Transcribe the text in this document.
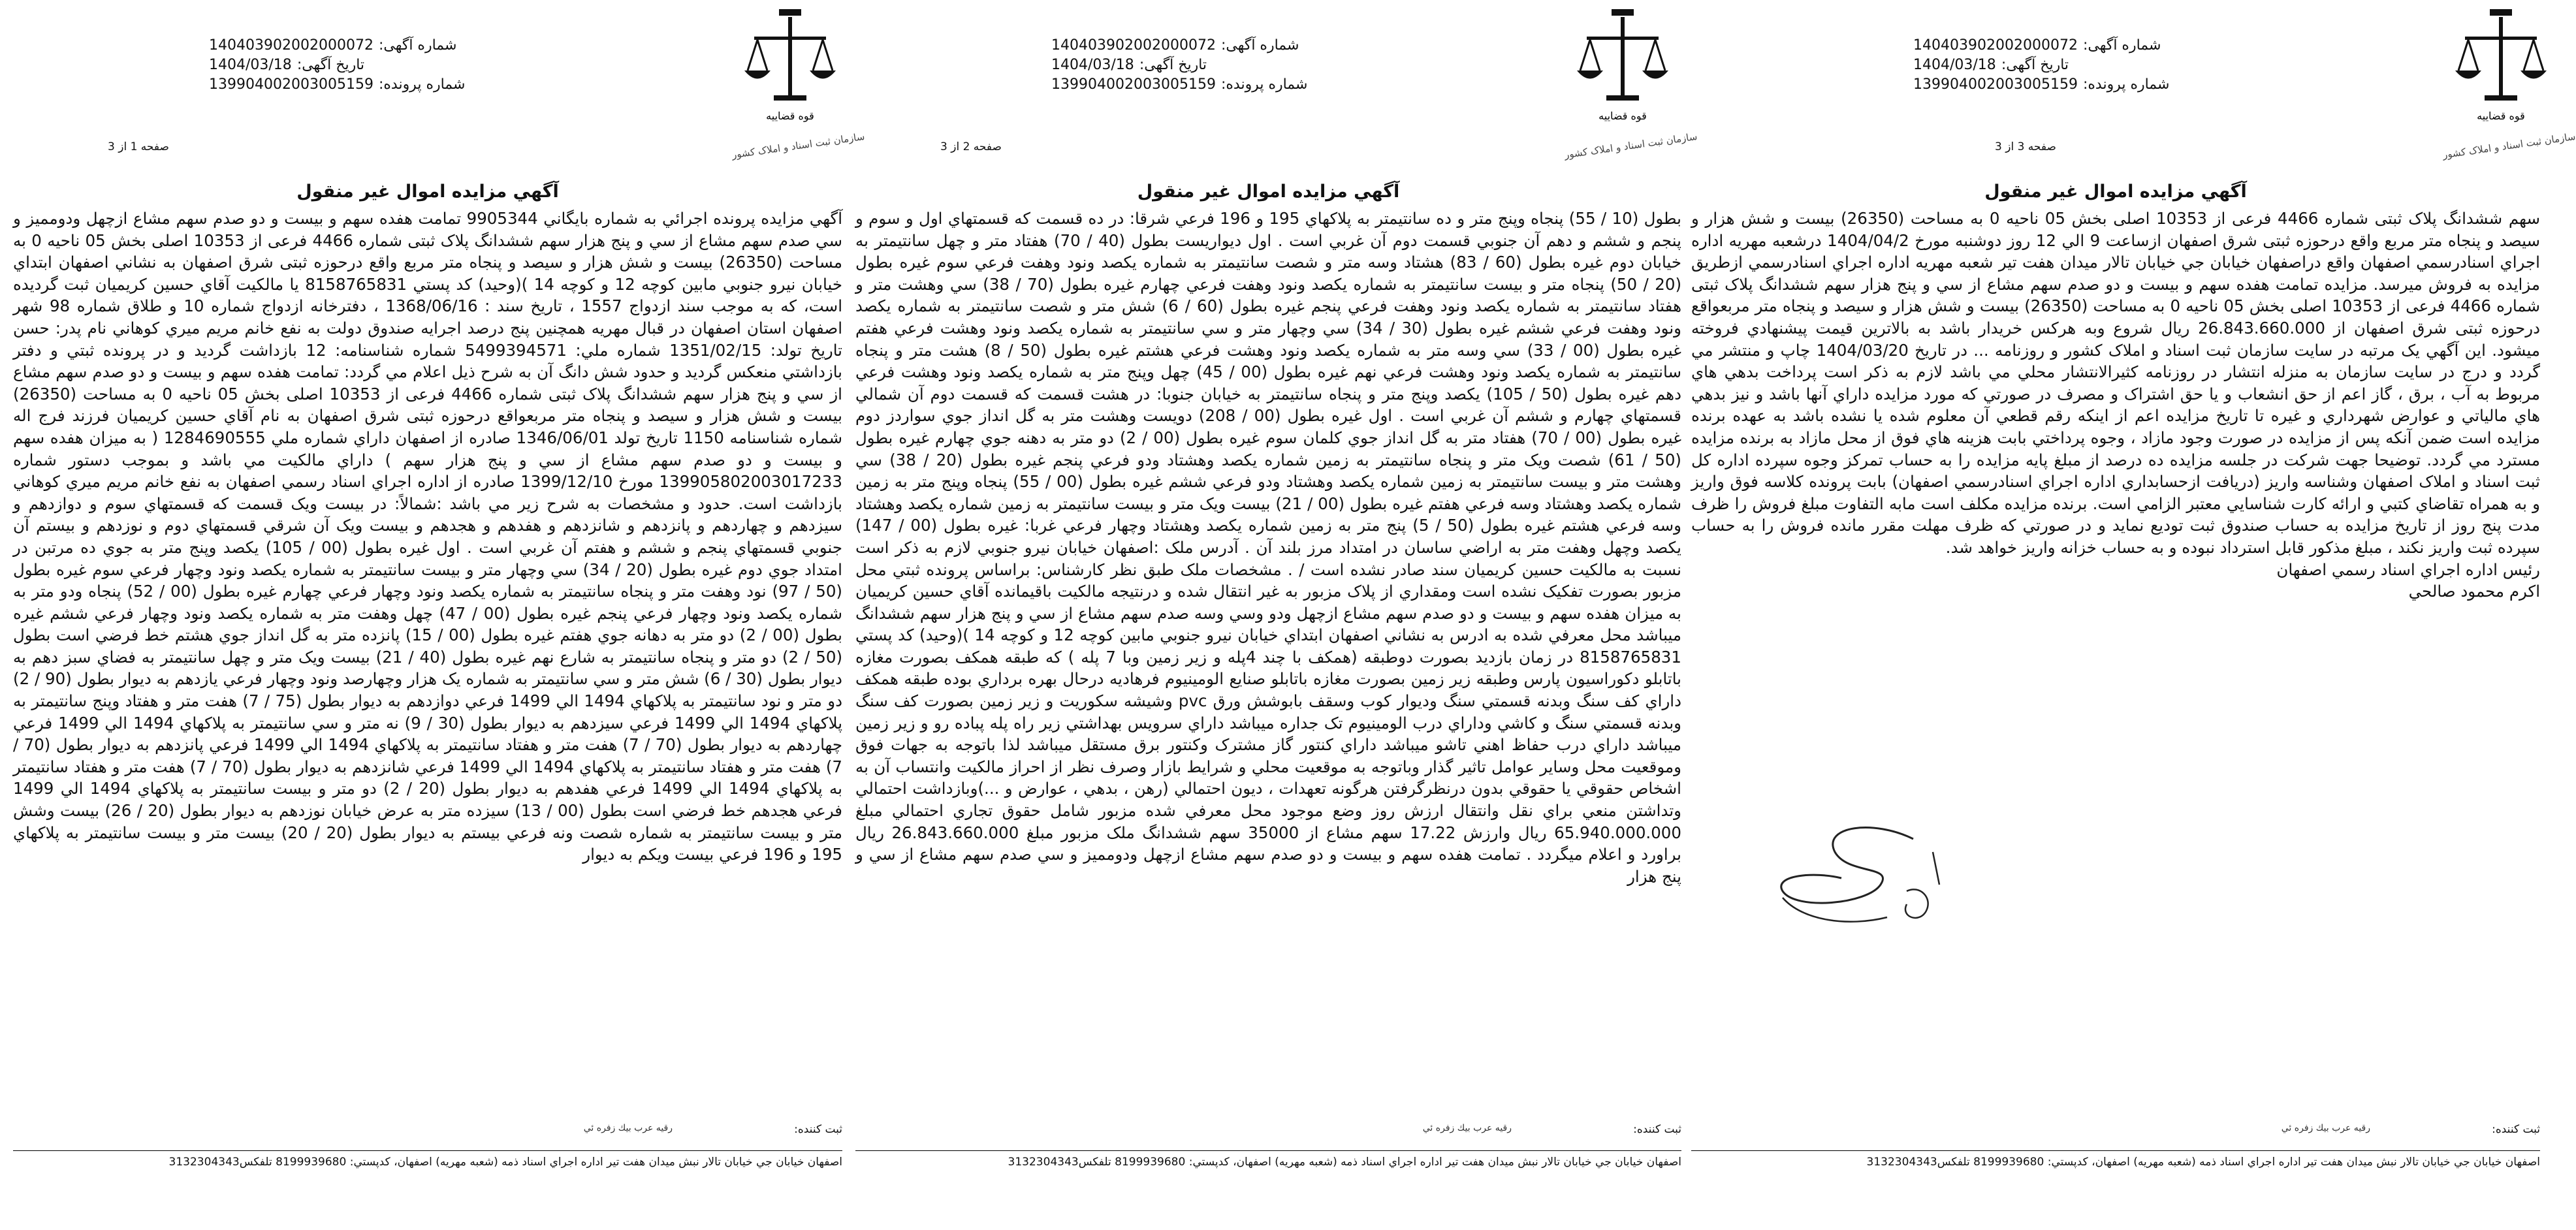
قوه قضاییه
سازمان ثبت اسناد و املاک کشور
140403902002000072 شماره آگهی:
1404/03/18 تاریخ آگهی:
139904002003005159 شماره پرونده:
صفحه 3 از 3
آگهي مزايده اموال غير منقول

سهم ششدانگ پلاک ثبتی شماره 4466 فرعی از 10353 اصلی بخش 05 ناحیه 0 به مساحت (26350) بيست و شش هزار و سيصد و پنجاه متر مربع واقع درحوزه ثبتی شرق اصفهان ازساعت 9 الي 12 روز دوشنبه مورخ 1404/04/2 درشعبه مهريه اداره اجراي اسنادرسمي اصفهان واقع دراصفهان خيابان جي خيابان تالار ميدان هفت تير شعبه مهريه اداره اجراي اسنادرسمي ازطريق مزايده به فروش ميرسد. مزايده تمامت هفده سهم و بيست و دو صدم سهم مشاع از سي و پنج هزار سهم ششدانگ پلاک ثبتی شماره 4466 فرعی از 10353 اصلی بخش 05 ناحیه 0 به مساحت (26350) بيست و شش هزار و سيصد و پنجاه متر مربعواقع درحوزه ثبتی شرق اصفهان از 26.843.660.000 ريال شروع وبه هرکس خريدار باشد به بالاترين قيمت پيشنهادي فروخته ميشود. اين آگهي يک مرتبه در سايت سازمان ثبت اسناد و املاک کشور و روزنامه ... در تاريخ 1404/03/20 چاپ و منتشر مي گردد و درج در سايت سازمان به منزله انتشار در روزنامه کثيرالانتشار محلي مي باشد لازم به ذکر است پرداخت بدهي هاي مربوط به آب ، برق ، گاز اعم از حق انشعاب و يا حق اشتراک و مصرف در صورتي که مورد مزايده داراي آنها باشد و نيز بدهي هاي مالياتي و عوارض شهرداري و غيره تا تاريخ مزايده اعم از اينکه رقم قطعي آن معلوم شده يا نشده باشد به عهده برنده مزايده است ضمن آنکه پس از مزايده در صورت وجود مازاد ، وجوه پرداختي بابت هزينه هاي فوق از محل مازاد به برنده مزايده مسترد مي گردد. توضيحا جهت شرکت در جلسه مزايده ده درصد از مبلغ پايه مزايده را به حساب تمرکز وجوه سپرده اداره کل ثبت اسناد و املاک اصفهان وشناسه واريز (دريافت ازحسابداري اداره اجراي اسنادرسمي اصفهان) بابت پرونده کلاسه فوق واريز و به همراه تقاضاي کتبي و ارائه کارت شناسايي معتبر الزامي است. برنده مزايده مکلف است مابه التفاوت مبلغ فروش را ظرف مدت پنج روز از تاريخ مزايده به حساب صندوق ثبت توديع نمايد و در صورتي که ظرف مهلت مقرر مانده فروش را به حساب سپرده ثبت واريز نکند ، مبلغ مذکور قابل استرداد نبوده و به حساب خزانه واريز خواهد شد.

رئيس اداره اجراي اسناد رسمي اصفهان
اکرم محمود صالحي
ثبت کننده:
رقيه عرب بيك زفره ئي
اصفهان خيابان جي خيابان تالار نبش ميدان هفت تير اداره اجراي اسناد ذمه (شعبه مهريه) اصفهان، كدپستي: 8199939680 تلفكس3132304343
قوه قضاییه
سازمان ثبت اسناد و املاک کشور
140403902002000072 شماره آگهی:
1404/03/18 تاریخ آگهی:
139904002003005159 شماره پرونده:
صفحه 2 از 3
آگهي مزايده اموال غير منقول

بطول (10 / 55) پنجاه وپنج متر و ده سانتيمتر به پلاکهاي 195 و 196 فرعي شرقا: در ده قسمت که قسمتهاي اول و سوم و پنجم و ششم و دهم آن جنوبي قسمت دوم آن غربي است . اول ديواريست بطول (40 / 70) هفتاد متر و چهل سانتيمتر به خيابان دوم غيره بطول (60 / 83) هشتاد وسه متر و شصت سانتيمتر به شماره يکصد ونود وهفت فرعي سوم غيره بطول (20 / 50) پنجاه متر و بيست سانتيمتر به شماره يکصد ونود وهفت فرعي چهارم غيره بطول (70 / 38) سي وهشت متر و هفتاد سانتيمتر به شماره يکصد ونود وهفت فرعي پنجم غيره بطول (60 / 6) شش متر و شصت سانتيمتر به شماره يکصد ونود وهفت فرعي ششم غيره بطول (30 / 34) سي وچهار متر و سي سانتيمتر به شماره يکصد ونود وهشت فرعي هفتم غيره بطول (00 / 33) سي وسه متر به شماره يکصد ونود وهشت فرعي هشتم غيره بطول (50 / 8) هشت متر و پنجاه سانتيمتر به شماره يکصد ونود وهشت فرعي نهم غيره بطول (00 / 45) چهل وپنج متر به شماره يکصد ونود وهشت فرعي دهم غيره بطول (50 / 105) يکصد وپنج متر و پنجاه سانتيمتر به خيابان جنوبا: در هشت قسمت که قسمت دوم آن شمالي قسمتهاي چهارم و ششم آن غربي است . اول غيره بطول (00 / 208) دويست وهشت متر به گل انداز جوي سواردز دوم غيره بطول (00 / 70) هفتاد متر به گل انداز جوي کلمان سوم غيره بطول (00 / 2) دو متر به دهنه جوي چهارم غيره بطول (50 / 61) شصت ويک متر و پنجاه سانتيمتر به زمين شماره يکصد وهشتاد ودو فرعي پنجم غيره بطول (20 / 38) سي وهشت متر و بيست سانتيمتر به زمين شماره يکصد وهشتاد ودو فرعي ششم غيره بطول (00 / 55) پنجاه وپنج متر به زمين شماره يکصد وهشتاد وسه فرعي هفتم غيره بطول (00 / 21) بيست ويک متر و بيست سانتيمتر به زمين شماره يکصد وهشتاد وسه فرعي هشتم غيره بطول (50 / 5) پنج متر به زمين شماره يکصد وهشتاد وچهار فرعي غربا: غيره بطول (00 / 147) يکصد وچهل وهفت متر به اراضي ساسان در امتداد مرز بلند آن . آدرس ملک :اصفهان خيابان نيرو جنوبي لازم به ذکر است نسبت به مالکيت حسين کريميان سند صادر نشده است / . مشخصات ملک طبق نظر کارشناس: براساس پرونده ثبتي محل مزبور بصورت تفکيک نشده است ومقداري از پلاک مزبور به غير انتقال شده و درنتيجه مالکيت باقيمانده آقاي حسين کريميان به ميزان هفده سهم و بيست و دو صدم سهم مشاع ازچهل ودو وسي وسه صدم سهم مشاع از سي و پنج هزار سهم ششدانگ ميباشد محل معرفي شده به ادرس به نشاني اصفهان ابتداي خيابان نيرو جنوبي مابين کوچه 12 و کوچه 14 )(وحيد) کد پستي 8158765831 در زمان بازديد بصورت دوطبقه (همکف با چند 4پله و زير زمين وبا 7 پله ) که طبقه همکف بصورت مغازه باتابلو دکوراسيون پارس وطبقه زير زمين بصورت مغازه باتابلو صنايع الومينيوم فرهاديه درحال بهره برداري بوده طبقه همکف داراي کف سنگ وبدنه قسمتي سنگ وديوار کوب وسقف بابوشش ورق pvc وشيشه سکوريت و زير زمين بصورت کف سنگ وبدنه قسمتي سنگ و کاشي وداراي درب الومينيوم تک جداره ميباشد داراي سرويس بهداشتي زير راه پله پباده رو و زير زمين ميباشد داراي درب حفاظ اهني تاشو ميباشد داراي کنتور گاز مشترک وکنتور برق مستقل ميباشد لذا باتوجه به جهات فوق وموقعيت محل وساير عوامل تاثير گذار وباتوجه به موقعيت محلي و شرايط بازار وصرف نظر از احراز مالکيت وانتساب آن به اشخاص حقوقي يا حقوقي بدون درنظرگرفتن هرگونه تعهدات ، ديون احتمالي (رهن ، بدهي ، عوارض و ...)وبازداشت احتمالي وتداشتن منعي براي نقل وانتقال ارزش روز وضع موجود محل معرفي شده مزبور شامل حقوق تجاري احتمالي مبلغ 65.940.000.000 ريال وارزش 17.22 سهم مشاع از 35000 سهم ششدانگ ملک مزبور مبلغ 26.843.660.000 ريال براورد و اعلام ميگردد . تمامت هفده سهم و بيست و دو صدم سهم مشاع ازچهل ودومميز و سي صدم سهم مشاع از سي و پنج هزار

ثبت کننده:
رقيه عرب بيك زفره ئي
اصفهان خيابان جي خيابان تالار نبش ميدان هفت تير اداره اجراي اسناد ذمه (شعبه مهريه) اصفهان، كدپستي: 8199939680 تلفكس3132304343
قوه قضاییه
سازمان ثبت اسناد و املاک کشور
140403902002000072 شماره آگهی:
1404/03/18 تاریخ آگهی:
139904002003005159 شماره پرونده:
صفحه 1 از 3
آگهي مزايده اموال غير منقول

آگهي مزايده پرونده اجرائي به شماره بايگاني 9905344 تمامت هفده سهم و بيست و دو صدم سهم مشاع ازچهل ودوممیز و سي صدم سهم مشاع از سي و پنج هزار سهم ششدانگ پلاک ثبتی شماره 4466 فرعی از 10353 اصلی بخش 05 ناحیه 0 به مساحت (26350) بيست و شش هزار و سيصد و پنجاه متر مربع واقع درحوزه ثبتی شرق اصفهان به نشاني اصفهان ابتداي خيابان نيرو جنوبي مابين کوچه 12 و کوچه 14 )(وحيد) کد پستي 8158765831 يا مالکيت آقاي حسين کريميان ثبت گرديده است، که به موجب سند ازدواج 1557 ، تاريخ سند : 1368/06/16 ، دفترخانه ازدواج شماره 10 و طلاق شماره 98 شهر اصفهان استان اصفهان در قبال مهريه همچنين پنج درصد اجرايه صندوق دولت به نفع خانم مريم ميري کوهاني نام پدر: حسن تاريخ تولد: 1351/02/15 شماره ملي: 5499394571 شماره شناسنامه: 12 بازداشت گرديد و در پرونده ثبتي و دفتر بازداشتي منعکس گرديد و حدود شش دانگ آن به شرح ذيل اعلام مي گردد: تمامت هفده سهم و بيست و دو صدم سهم مشاع از سي و پنج هزار سهم ششدانگ پلاک ثبتی شماره 4466 فرعی از 10353 اصلی بخش 05 ناحیه 0 به مساحت (26350) بيست و شش هزار و سيصد و پنجاه متر مربعواقع درحوزه ثبتی شرق اصفهان به نام آقاي حسين کريميان فرزند فرج اله شماره شناسنامه 1150 تاريخ تولد 1346/06/01 صادره از اصفهان داراي شماره ملي 1284690555 ( به ميزان هفده سهم و بيست و دو صدم سهم مشاع از سي و پنج هزار سهم ) داراي مالکيت مي باشد و بموجب دستور شماره 139905802003017233 مورخ 1399/12/10 صادره از اداره اجراي اسناد رسمي اصفهان به نفع خانم مريم ميري کوهاني بازداشت است. حدود و مشخصات به شرح زير مي باشد :شمالاً: در بيست ويک قسمت که قسمتهاي سوم و دوازدهم و سيزدهم و چهاردهم و پانزدهم و شانزدهم و هفدهم و هجدهم و بيست ويک آن شرقي قسمتهاي دوم و نوزدهم و بيستم آن جنوبي قسمتهاي پنجم و ششم و هفتم آن غربي است . اول غيره بطول (00 / 105) يکصد وپنج متر به جوي ده مرتبن در امتداد جوي دوم غيره بطول (20 / 34) سي وچهار متر و بيست سانتيمتر به شماره يکصد ونود وچهار فرعي سوم غيره بطول (50 / 97) نود وهفت متر و پنجاه سانتيمتر به شماره يکصد ونود وچهار فرعي چهارم غيره بطول (00 / 52) پنجاه ودو متر به شماره يکصد ونود وچهار فرعي پنجم غيره بطول (00 / 47) چهل وهفت متر به شماره يکصد ونود وچهار فرعي ششم غيره بطول (00 / 2) دو متر به دهانه جوي هفتم غيره بطول (00 / 15) پانزده متر به گل انداز جوي هشتم خط فرضي است بطول (50 / 2) دو متر و پنجاه سانتيمتر به شارع نهم غيره بطول (40 / 21) بيست ويک متر و چهل سانتيمتر به فضاي سبز دهم به ديوار بطول (30 / 6) شش متر و سي سانتيمتر به شماره يک هزار وچهارصد ونود وچهار فرعي يازدهم به ديوار بطول (90 / 2) دو متر و نود سانتيمتر به پلاکهاي 1494 الي 1499 فرعي دوازدهم به ديوار بطول (75 / 7) هفت متر و هفتاد وپنج سانتيمتر به پلاکهاي 1494 الي 1499 فرعي سيزدهم به ديوار بطول (30 / 9) نه متر و سي سانتيمتر به پلاکهاي 1494 الي 1499 فرعي چهاردهم به ديوار بطول (70 / 7) هفت متر و هفتاد سانتيمتر به پلاکهاي 1494 الي 1499 فرعي پانزدهم به ديوار بطول (70 / 7) هفت متر و هفتاد سانتيمتر به پلاکهاي 1494 الي 1499 فرعي شانزدهم به ديوار بطول (70 / 7) هفت متر و هفتاد سانتيمتر به پلاکهاي 1494 الي 1499 فرعي هفدهم به ديوار بطول (20 / 2) دو متر و بيست سانتيمتر به پلاکهاي 1494 الي 1499 فرعي هجدهم خط فرضي است بطول (00 / 13) سيزده متر به عرض خيابان نوزدهم به ديوار بطول (20 / 26) بيست وشش متر و بيست سانتيمتر به شماره شصت ونه فرعي بيستم به ديوار بطول (20 / 20) بيست متر و بيست سانتيمتر به پلاکهاي 195 و 196 فرعي بيست ويکم به ديوار

ثبت کننده:
رقيه عرب بيك زفره ئي
اصفهان خيابان جي خيابان تالار نبش ميدان هفت تير اداره اجراي اسناد ذمه (شعبه مهريه) اصفهان، كدپستي: 8199939680 تلفكس3132304343
